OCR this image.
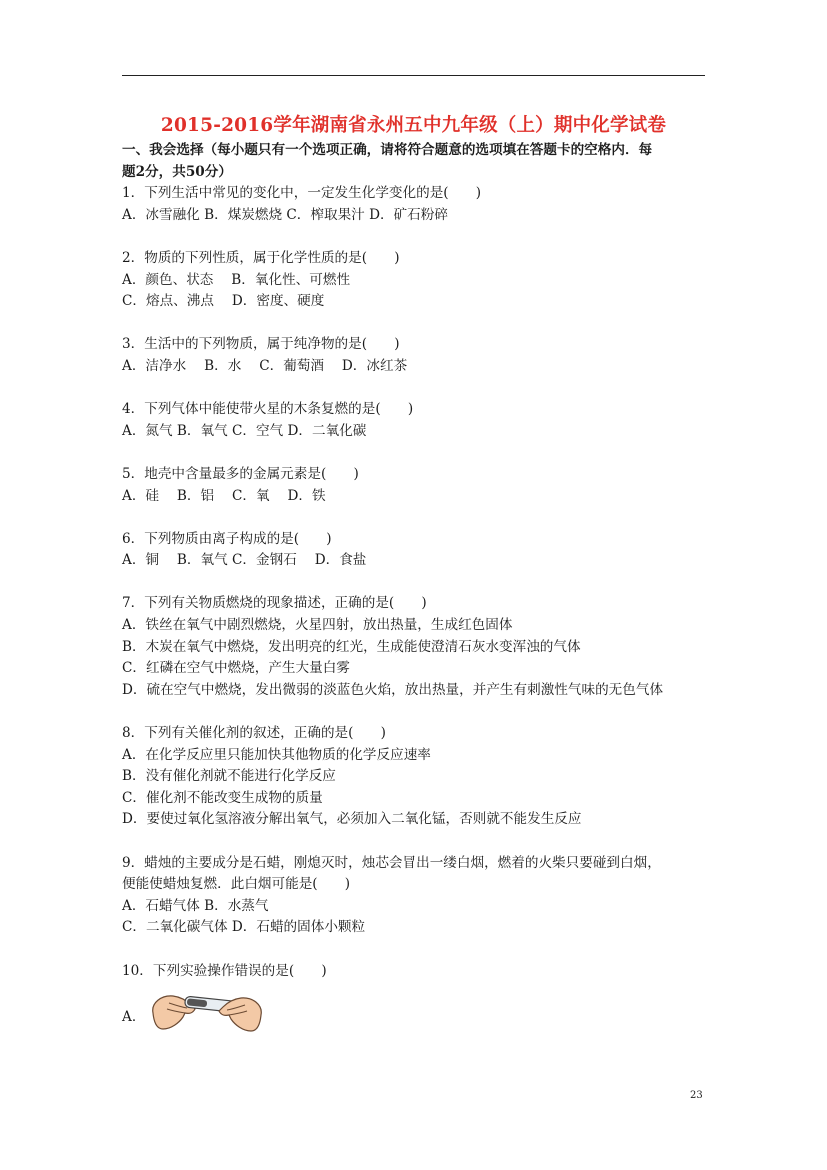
2015-2016学年湖南省永州五中九年级（上）期中化学试卷

一、我会选择（每小题只有一个选项正确，请将符合题意的选项填在答题卡的空格内．每

题2分，共50分）

1．下列生活中常见的变化中，一定发生化学变化的是(　　)

A．冰雪融化 B．煤炭燃烧 C．榨取果汁 D．矿石粉碎

2．物质的下列性质，属于化学性质的是(　　)

A．颜色、状态　 B．氧化性、可燃性

C．熔点、沸点　 D．密度、硬度

3．生活中的下列物质，属于纯净物的是(　　)

A．洁净水　 B．水　 C．葡萄酒　 D．冰红茶

4．下列气体中能使带火星的木条复燃的是(　　)

A．氮气 B．氧气 C．空气 D．二氧化碳

5．地壳中含量最多的金属元素是(　　)

A．硅　 B．铝　 C．氧　 D．铁

6．下列物质由离子构成的是(　　)

A．铜　 B．氧气 C．金钢石　 D．食盐

7．下列有关物质燃烧的现象描述，正确的是(　　)

A．铁丝在氧气中剧烈燃烧，火星四射，放出热量，生成红色固体

B．木炭在氧气中燃烧，发出明亮的红光，生成能使澄清石灰水变浑浊的气体

C．红磷在空气中燃烧，产生大量白雾

D．硫在空气中燃烧，发出微弱的淡蓝色火焰，放出热量，并产生有刺激性气味的无色气体

8．下列有关催化剂的叙述，正确的是(　　)

A．在化学反应里只能加快其他物质的化学反应速率

B．没有催化剂就不能进行化学反应

C．催化剂不能改变生成物的质量

D．要使过氧化氢溶液分解出氧气，必须加入二氧化锰，否则就不能发生反应

9．蜡烛的主要成分是石蜡，刚熄灭时，烛芯会冒出一缕白烟，燃着的火柴只要碰到白烟，

便能使蜡烛复燃．此白烟可能是(　　)

A．石蜡气体 B．水蒸气

C．二氧化碳气体 D．石蜡的固体小颗粒

10．下列实验操作错误的是(　　)

A．
23
